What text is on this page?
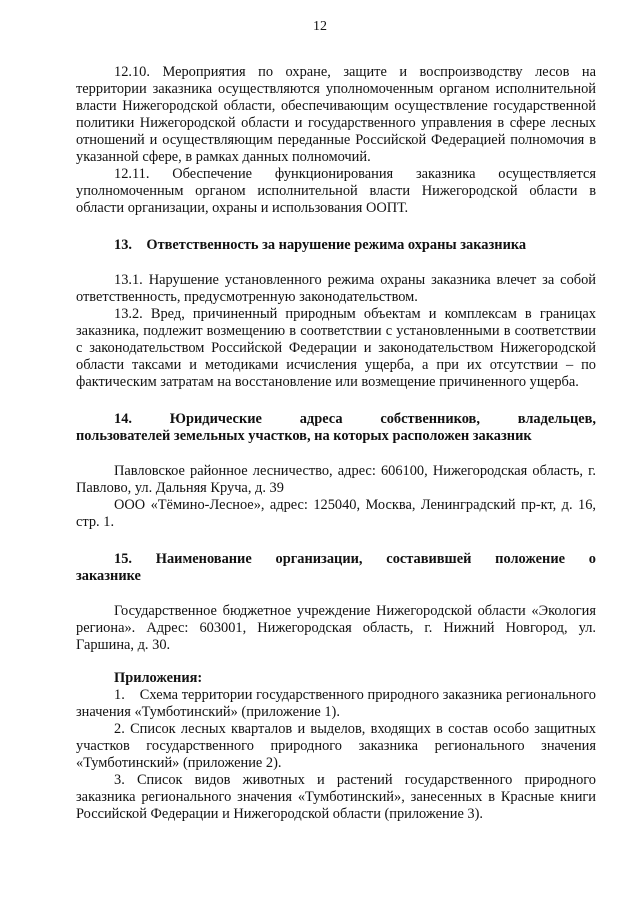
12

12.10. Мероприятия по охране, защите и воспроизводству лесов на территории заказника осуществляются уполномоченным органом исполнительной власти Нижегородской области, обеспечивающим осуществление государственной политики Нижегородской области и государственного управления в сфере лесных отношений и осуществляющим переданные Российской Федерацией полномочия в указанной сфере, в рамках данных полномочий.

12.11. Обеспечение функционирования заказника осуществляется уполномоченным органом исполнительной власти Нижегородской области в области организации, охраны и использования ООПТ.

13.    Ответственность за нарушение режима охраны заказника

13.1. Нарушение установленного режима охраны заказника влечет за собой ответственность, предусмотренную законодательством.

13.2. Вред, причиненный природным объектам и комплексам в границах заказника, подлежит возмещению в соответствии с установленными в соответствии с законодательством Российской Федерации и законодательством Нижегородской области таксами и методиками исчисления ущерба, а при их отсутствии – по фактическим затратам на восстановление или возмещение причиненного ущерба.

14. Юридические адреса собственников, владельцев,

пользователей земельных участков, на которых расположен заказник

Павловское районное лесничество, адрес: 606100, Нижегородская область, г. Павлово, ул. Дальняя Круча, д. 39

ООО «Тёмино-Лесное», адрес: 125040, Москва, Ленинградский пр-кт, д. 16, стр. 1.

15. Наименование организации, составившей положение о

заказнике

Государственное бюджетное учреждение Нижегородской области «Экология региона». Адрес: 603001, Нижегородская область, г. Нижний Новгород, ул. Гаршина, д. 30.

Приложения:

1.    Схема территории государственного природного заказника регионального значения «Тумботинский» (приложение 1).

2. Список лесных кварталов и выделов, входящих в состав особо защитных участков государственного природного заказника регионального значения «Тумботинский» (приложение 2).

3. Список видов животных и растений государственного природного заказника регионального значения «Тумботинский», занесенных в Красные книги Российской Федерации и Нижегородской области (приложение 3).
